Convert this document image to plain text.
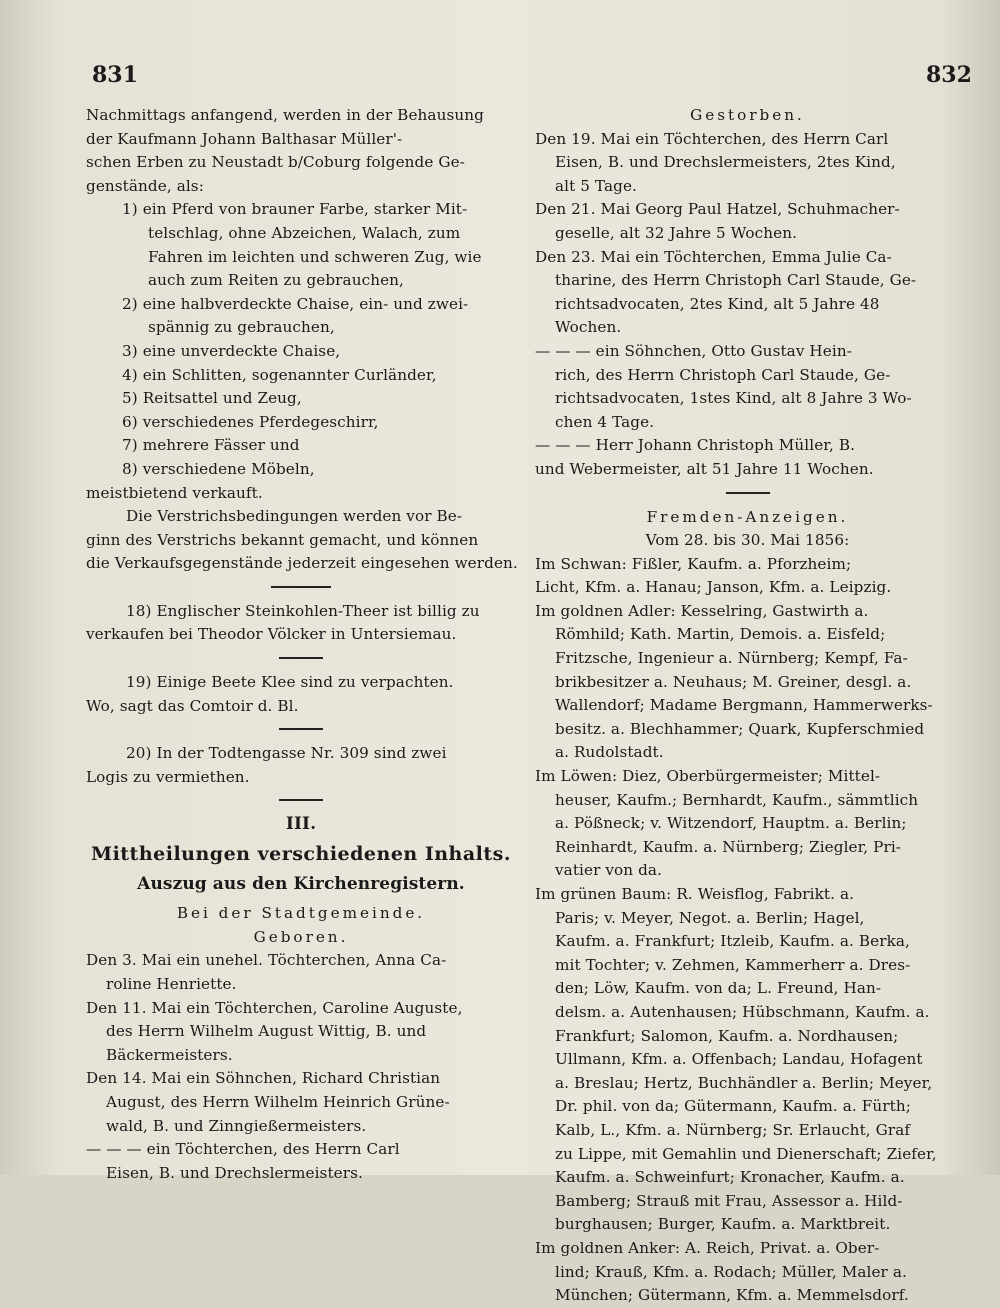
831	832

Nachmittags anfangend, werden in der Behausung

der Kaufmann Johann Balthasar Müller'-

schen Erben zu Neustadt b/Coburg folgende Ge-

genstände, als:

1) ein Pferd von brauner Farbe, starker Mit-

telschlag, ohne Abzeichen, Walach, zum

Fahren im leichten und schweren Zug, wie

auch zum Reiten zu gebrauchen,

2) eine halbverdeckte Chaise, ein- und zwei-

spännig zu gebrauchen,

3) eine unverdeckte Chaise,

4) ein Schlitten, sogenannter Curländer,

5) Reitsattel und Zeug,

6) verschiedenes Pferdegeschirr,

7) mehrere Fässer und

8) verschiedene Möbeln,

meistbietend verkauft.

Die Verstrichsbedingungen werden vor Be-

ginn des Verstrichs bekannt gemacht, und können

die Verkaufsgegenstände jederzeit eingesehen werden.

18) Englischer Steinkohlen-Theer ist billig zu

verkaufen bei Theodor Völcker in Untersiemau.

19) Einige Beete Klee sind zu verpachten.

Wo, sagt das Comtoir d. Bl.

20) In der Todtengasse Nr. 309 sind zwei

Logis zu vermiethen.

III.
Mittheilungen verschiedenen Inhalts.
Auszug aus den Kirchenregistern.

Bei der Stadtgemeinde.

Geboren.

Den 3. Mai ein unehel. Töchterchen, Anna Ca-

roline Henriette.

Den 11. Mai ein Töchterchen, Caroline Auguste,

des Herrn Wilhelm August Wittig, B. und

Bäckermeisters.

Den 14. Mai ein Söhnchen, Richard Christian

August, des Herrn Wilhelm Heinrich Grüne-

wald, B. und Zinngießermeisters.

— — — ein Töchterchen, des Herrn Carl

Eisen, B. und Drechslermeisters.

Gestorben.

Den 19. Mai ein Töchterchen, des Herrn Carl

Eisen, B. und Drechslermeisters, 2tes Kind,

alt 5 Tage.

Den 21. Mai Georg Paul Hatzel, Schuhmacher-

geselle, alt 32 Jahre 5 Wochen.

Den 23. Mai ein Töchterchen, Emma Julie Ca-

tharine, des Herrn Christoph Carl Staude, Ge-

richtsadvocaten, 2tes Kind, alt 5 Jahre 48

Wochen.

— — — ein Söhnchen, Otto Gustav Hein-

rich, des Herrn Christoph Carl Staude, Ge-

richtsadvocaten, 1stes Kind, alt 8 Jahre 3 Wo-

chen 4 Tage.

— — — Herr Johann Christoph Müller, B.

und Webermeister, alt 51 Jahre 11 Wochen.

Fremden-Anzeigen.

Vom 28. bis 30. Mai 1856:

Im Schwan: Fißler, Kaufm. a. Pforzheim;

Licht, Kfm. a. Hanau; Janson, Kfm. a. Leipzig.

Im goldnen Adler: Kesselring, Gastwirth a.

Römhild; Kath. Martin, Demois. a. Eisfeld;

Fritzsche, Ingenieur a. Nürnberg; Kempf, Fa-

brikbesitzer a. Neuhaus; M. Greiner, desgl. a.

Wallendorf; Madame Bergmann, Hammerwerks-

besitz. a. Blechhammer; Quark, Kupferschmied

a. Rudolstadt.

Im Löwen: Diez, Oberbürgermeister; Mittel-

heuser, Kaufm.; Bernhardt, Kaufm., sämmtlich

a. Pößneck; v. Witzendorf, Hauptm. a. Berlin;

Reinhardt, Kaufm. a. Nürnberg; Ziegler, Pri-

vatier von da.

Im grünen Baum: R. Weisflog, Fabrikt. a.

Paris; v. Meyer, Negot. a. Berlin; Hagel,

Kaufm. a. Frankfurt; Itzleib, Kaufm. a. Berka,

mit Tochter; v. Zehmen, Kammerherr a. Dres-

den; Löw, Kaufm. von da; L. Freund, Han-

delsm. a. Autenhausen; Hübschmann, Kaufm. a.

Frankfurt; Salomon, Kaufm. a. Nordhausen;

Ullmann, Kfm. a. Offenbach; Landau, Hofagent

a. Breslau; Hertz, Buchhändler a. Berlin; Meyer,

Dr. phil. von da; Gütermann, Kaufm. a. Fürth;

Kalb, L., Kfm. a. Nürnberg; Sr. Erlaucht, Graf

zu Lippe, mit Gemahlin und Dienerschaft; Ziefer,

Kaufm. a. Schweinfurt; Kronacher, Kaufm. a.

Bamberg; Strauß mit Frau, Assessor a. Hild-

burghausen; Burger, Kaufm. a. Marktbreit.

Im goldnen Anker: A. Reich, Privat. a. Ober-

lind; Krauß, Kfm. a. Rodach; Müller, Maler a.

München; Gütermann, Kfm. a. Memmelsdorf.
